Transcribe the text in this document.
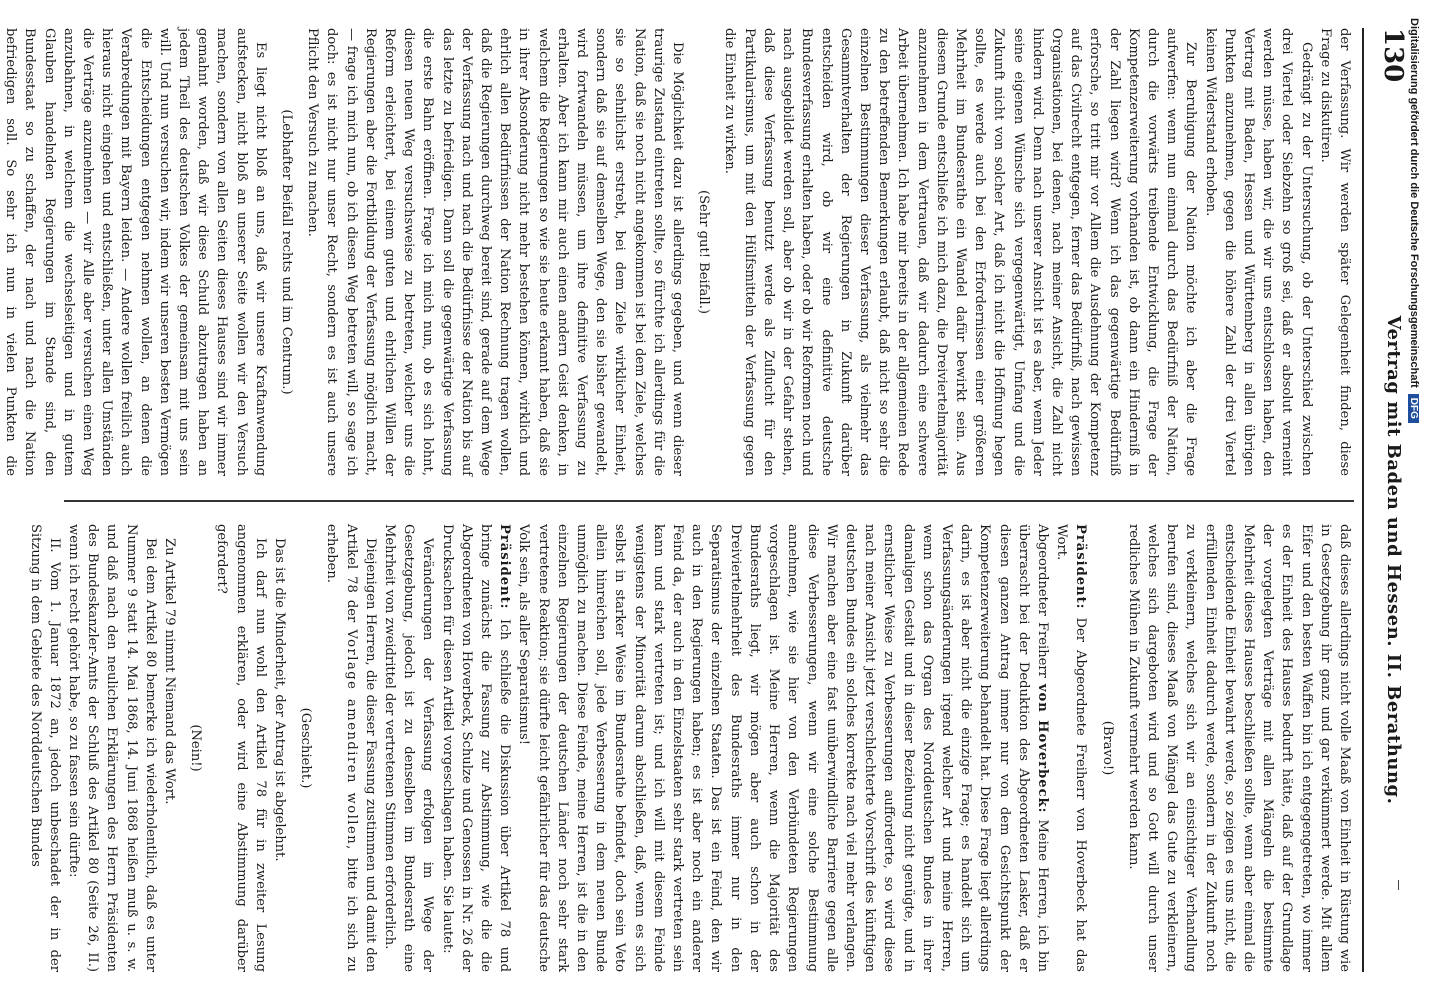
130
Vertrag mit Baden und Hessen. II. Berathung.

der Verfassung. Wir werden später Gelegenheit finden, diese Frage zu diskutiren.

Gedrängt zu der Untersuchung, ob der Unterschied zwischen drei Viertel oder Siebzehn so groß sei, daß er absolut verneint werden müsse, haben wir, die wir uns entschlossen haben, den Vertrag mit Baden, Hessen und Württemberg in allen übrigen Punkten anzunehmen, gegen die höhere Zahl der drei Viertel keinen Widerstand erhoben.

Zur Beruhigung der Nation möchte ich aber die Frage aufwerfen: wenn nun einmal durch das Bedürfniß der Nation, durch die vorwärts treibende Entwicklung, die Frage der Kompetenzerweiterung vorhanden ist, ob dann ein Hinderniß in der Zahl liegen wird? Wenn ich das gegenwärtige Bedürfniß erforsche, so tritt mir vor Allem die Ausdehnung der Kompetenz auf das Civilrecht entgegen, ferner das Bedürfniß, nach gewissen Organisationen, bei denen, nach meiner Ansicht, die Zahl nicht hindern wird. Denn nach unserer Ansicht ist es aber, wenn Jeder seine eigenen Wünsche sich vergegenwärtigt, Umfang und die Zukunft nicht von solcher Art, daß ich nicht die Hoffnung hegen sollte, es werde auch bei den Erfordernissen einer größeren Mehrheit im Bundesrathe ein Wandel dafür bewirkt sein. Aus diesem Grunde entschließe ich mich dazu, die Dreiviertelmajorität anzunehmen in dem Vertrauen, daß wir dadurch eine schwere Arbeit übernehmen. Ich habe mir bereits in der allgemeinen Rede zu den betreffenden Bemerkungen erlaubt, daß nicht so sehr die einzelnen Bestimmungen dieser Verfassung, als vielmehr das Gesammtverhalten der Regierungen in Zukunft darüber entscheiden wird, ob wir eine definitive deutsche Bundesverfassung erhalten haben, oder ob wir Reformen noch und nach ausgebildet werden soll, aber ob wir in der Gefahr stehen, daß diese Verfassung benutzt werde als Zuflucht für den Partikularismus, um mit den Hülfsmitteln der Verfassung gegen die Einheit zu wirken.

(Sehr gut! Beifall.)

Die Möglichkeit dazu ist allerdings gegeben, und wenn dieser traurige Zustand eintreten sollte, so fürchte ich allerdings für die Nation, daß sie noch nicht angekommen ist bei dem Ziele, welches sie so sehnlichst erstrebt, bei dem Ziele wirklicher Einheit, sondern daß sie auf demselben Wege, den sie bisher gewandelt, wird fortwandeln müssen, um ihre definitive Verfassung zu erhalten. Aber ich kann mir auch einen andern Geist denken, in welchem die Regierungen so wie sie heute erkannt haben, daß sie in ihrer Absonderung nicht mehr bestehen können, wirklich und ehrlich allen Bedürfnissen der Nation Rechnung tragen wollen, daß die Regierungen durchweg bereit sind, gerade auf dem Wege der Verfassung nach und nach die Bedürfnisse der Nation bis auf das letzte zu befriedigen. Dann soll die gegenwärtige Verfassung die erste Bahn eröffnen. Frage ich mich nun, ob es sich lohnt, diesen neuen Weg versuchsweise zu betreten, welcher uns die Reform erleichtert, bei einem guten und ehrlichen Willen der Regierungen aber die Fortbildung der Verfassung möglich macht, — frage ich mich nun, ob ich diesen Weg betreten will, so sage ich doch: es ist nicht nur unser Recht, sondern es ist auch unsere Pflicht den Versuch zu machen.

(Lebhafter Beifall rechts und im Centrum.)

Es liegt nicht bloß an uns, daß wir unsere Kraftanwendung aufstecken, nicht bloß an unserer Seite wollen wir den Versuch machen, sondern von allen Seiten dieses Hauses sind wir immer gemahnt worden, daß wir diese Schuld abzutragen haben an jedem Theil des deutschen Volkes der gemeinsam mit uns sein will. Und nun versuchen wir, indem wir unseren besten Vermögen die Entscheidungen entgegen nehmen wollen, an denen die Verabredungen mit Bayern leiden. — Andere wollen freilich auch hieraus nicht eingehen und entschließen, unter allen Umständen die Verträge anzunehmen — wir Alle aber versuchen einen Weg anzubahnen, in welchem die wechselseitigen und in gutem Glauben handelnden Regierungen im Stande sind, den Bundesstaat so zu schaffen, der nach und nach die Nation befriedigen soll. So sehr ich nun in vielen Punkten die

daß dieses allerdings nicht volle Maaß von Einheit in Rüstung wie in Gesetzgebung ihr ganz und gar verkümmert werde. Mit allem Eifer und den besten Waffen bin ich entgegengetreten, wo immer es der Einheit des Hauses bedurft hätte, daß auf der Grundlage der vorgelegten Verträge mit allen Mängeln die bestimmte Mehrheit dieses Hauses beschließen sollte, wenn aber einmal die entscheidende Einheit bewahrt werde, so zeigen es uns nicht, die erfüllenden Einheit dadurch werde, sondern in der Zukunft noch zu verkleinern, welches sich wir an einsichtiger Verhandlung berufen sind, dieses Maaß von Mängel das Gute zu verkleinern, welches sich dargeboten wird und so Gott will durch unser redliches Mühen in Zukunft vermehrt werden kann.

(Bravo!)

Präsident: Der Abgeordnete Freiherr von Hoverbeck hat das Wort.

Abgeordneter Freiherr von Hoverbeck: Meine Herren, ich bin überrascht bei der Deduktion des Abgeordneten Lasker, daß er diesen ganzen Antrag immer nur von dem Gesichtspunkt der Kompetenzerweiterung behandelt hat. Diese Frage liegt allerdings darin, es ist aber nicht die einzige Frage; es handelt sich um Verfassungsänderungen irgend welcher Art und meine Herren, wenn schon das Organ des Norddeutschen Bundes in ihrer damaligen Gestalt und in dieser Beziehung nicht genügte, und in ernstlicher Weise zu Verbesserungen aufforderte, so wird diese nach meiner Ansicht jetzt verschlechterte Vorschrift des künftigen deutschen Bundes ein solches korrekte nach viel mehr verlangen. Wir machen aber eine fast unüberwindliche Barriere gegen alle diese Verbesserungen, wenn wir eine solche Bestimmung annehmen, wie sie hier von den Verbündeten Regierungen vorgeschlagen ist. Meine Herren, wenn die Majorität des Bundesraths liegt, wir mögen aber auch schon in der Dreiviertelmehrheit des Bundesraths immer nur in den Separatismus der einzelnen Staaten. Das ist ein Feind, den wir auch in den Regierungen haben; es ist aber noch ein anderer Feind da, der auch in den Einzelstaaten sehr stark vertreten sein kann und stark vertreten ist; und ich will mit diesem Feinde wenigstens der Minorität darum abschließen, daß, wenn es sich selbst in starker Weise im Bundesrathe befindet, doch sein Veto allein hinreichen soll, jede Verbesserung in dem neuen Bunde unmöglich zu machen. Diese Feinde, meine Herren, ist die in den einzelnen Regierungen der deutschen Länder noch sehr stark vertretene Reaktion; sie dürfte leicht gefährlicher für das deutsche Volk sein, als aller Separatismus!

Präsident: Ich schließe die Diskussion über Artikel 78 und bringe zunächst die Fassung zur Abstimmung, wie die die Abgeordneten von Hoverbeck, Schulze und Genossen in Nr. 26 der Drucksachen für diesen Artikel vorgeschlagen haben. Sie lautet:

Veränderungen der Verfassung erfolgen im Wege der Gesetzgebung, jedoch ist zu denselben im Bundesrath eine Mehrheit von zweidrittel der vertretenen Stimmen erforderlich.

Diejenigen Herren, die dieser Fassung zustimmen und damit den Artikel 78 der Vorlage amendiren wollen, bitte ich sich zu erheben.

(Geschieht.)

Das ist die Minderheit, der Antrag ist abgelehnt.

Ich darf nun wohl den Artikel 78 für in zweiter Lesung angenommen erklären, oder wird eine Abstimmung darüber gefordert?

(Nein!)

Zu Artikel 79 nimmt Niemand das Wort.

Bei dem Artikel 80 bemerke ich wiederholentlich, daß es unter Nummer 9 statt 14. Mai 1868, 14. Juni 1868 heißen muß u. s. w. und daß nach den neulichen Erklärungen des Herrn Präsidenten des Bundeskanzler-Amts der Schluß des Artikel 80 (Seite 26, II.) wenn ich recht gehört habe, so zu fassen sein dürfte:

II. Vom 1. Januar 1872 an, jedoch unbeschadet der in der Sitzung in dem Gebiete des Norddeutschen Bundes

Digitalisierung gefördert durch die Deutsche ForschungsgemeinschaftDFG
